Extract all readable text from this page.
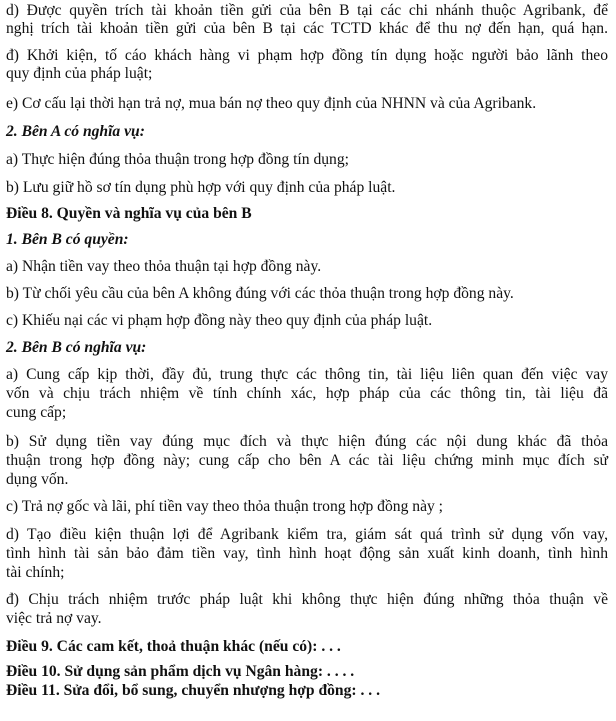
d) Được quyền trích tài khoản tiền gửi của bên B tại các chi nhánh thuộc Agribank, để
nghị trích tài khoản tiền gửi của bên B tại các TCTD khác để thu nợ đến hạn, quá hạn.
đ) Khởi kiện, tố cáo khách hàng vi phạm hợp đồng tín dụng hoặc người bảo lãnh theo
quy định của pháp luật;
e) Cơ cấu lại thời hạn trả nợ, mua bán nợ theo quy định của NHNN và của Agribank.
2. Bên A có nghĩa vụ:
a) Thực hiện đúng thỏa thuận trong hợp đồng tín dụng;
b) Lưu giữ hồ sơ tín dụng phù hợp với quy định của pháp luật.
Điều 8. Quyền và nghĩa vụ của bên B
1. Bên B có quyền:
a) Nhận tiền vay theo thỏa thuận tại hợp đồng này.
b) Từ chối yêu cầu của bên A không đúng với các thỏa thuận trong hợp đồng này.
c) Khiếu nại các vi phạm hợp đồng này theo quy định của pháp luật.
2. Bên B có nghĩa vụ:
a) Cung cấp kịp thời, đầy đủ, trung thực các thông tin, tài liệu liên quan đến việc vay
vốn và chịu trách nhiệm về tính chính xác, hợp pháp của các thông tin, tài liệu đã
cung cấp;
b) Sử dụng tiền vay đúng mục đích và thực hiện đúng các nội dung khác đã thỏa
thuận trong hợp đồng này; cung cấp cho bên A các tài liệu chứng minh mục đích sử
dụng vốn.
c) Trả nợ gốc và lãi, phí tiền vay theo thỏa thuận trong hợp đồng này ;
d) Tạo điều kiện thuận lợi để Agribank kiểm tra, giám sát quá trình sử dụng vốn vay,
tình hình tài sản bảo đảm tiền vay, tình hình hoạt động sản xuất kinh doanh, tình hình
tài chính;
đ) Chịu trách nhiệm trước pháp luật khi không thực hiện đúng những thỏa thuận về
việc trả nợ vay.
Điều 9. Các cam kết, thoả thuận khác (nếu có): . . .
Điều 10. Sử dụng sản phẩm dịch vụ Ngân hàng: . . . .
Điều 11. Sửa đổi, bổ sung, chuyển nhượng hợp đồng: . . .
